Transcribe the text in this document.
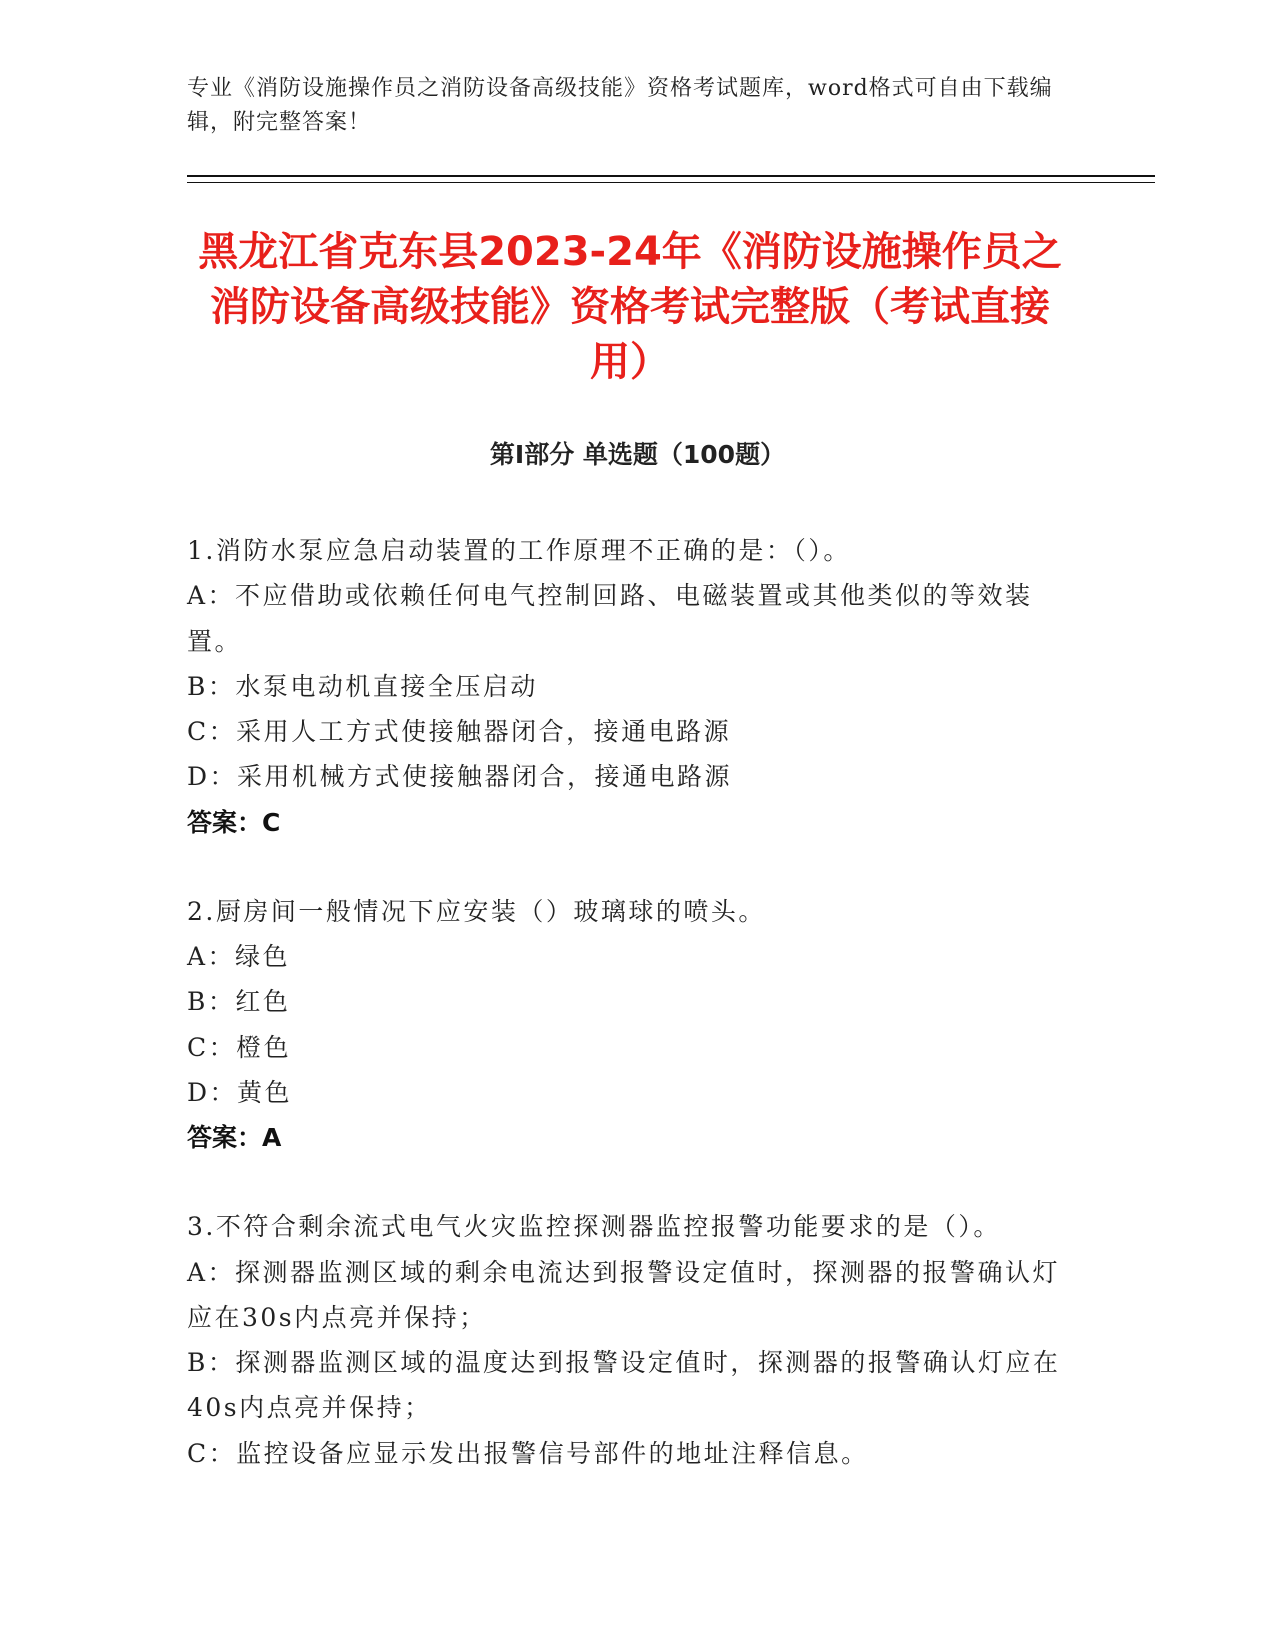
专业《消防设施操作员之消防设备高级技能》资格考试题库，word格式可自由下载编辑，附完整答案！
黑龙江省克东县2023-24年《消防设施操作员之消防设备高级技能》资格考试完整版（考试直接用）
第I部分 单选题（100题）
1.消防水泵应急启动装置的工作原理不正确的是：（）。
A：不应借助或依赖任何电气控制回路、电磁装置或其他类似的等效装置。
B：水泵电动机直接全压启动
C：采用人工方式使接触器闭合，接通电路源
D：采用机械方式使接触器闭合，接通电路源
答案：C
2.厨房间一般情况下应安装（）玻璃球的喷头。
A：绿色
B：红色
C：橙色
D：黄色
答案：A
3.不符合剩余流式电气火灾监控探测器监控报警功能要求的是（）。
A：探测器监测区域的剩余电流达到报警设定值时，探测器的报警确认灯应在30s内点亮并保持；
B：探测器监测区域的温度达到报警设定值时，探测器的报警确认灯应在40s内点亮并保持；
C：监控设备应显示发出报警信号部件的地址注释信息。
